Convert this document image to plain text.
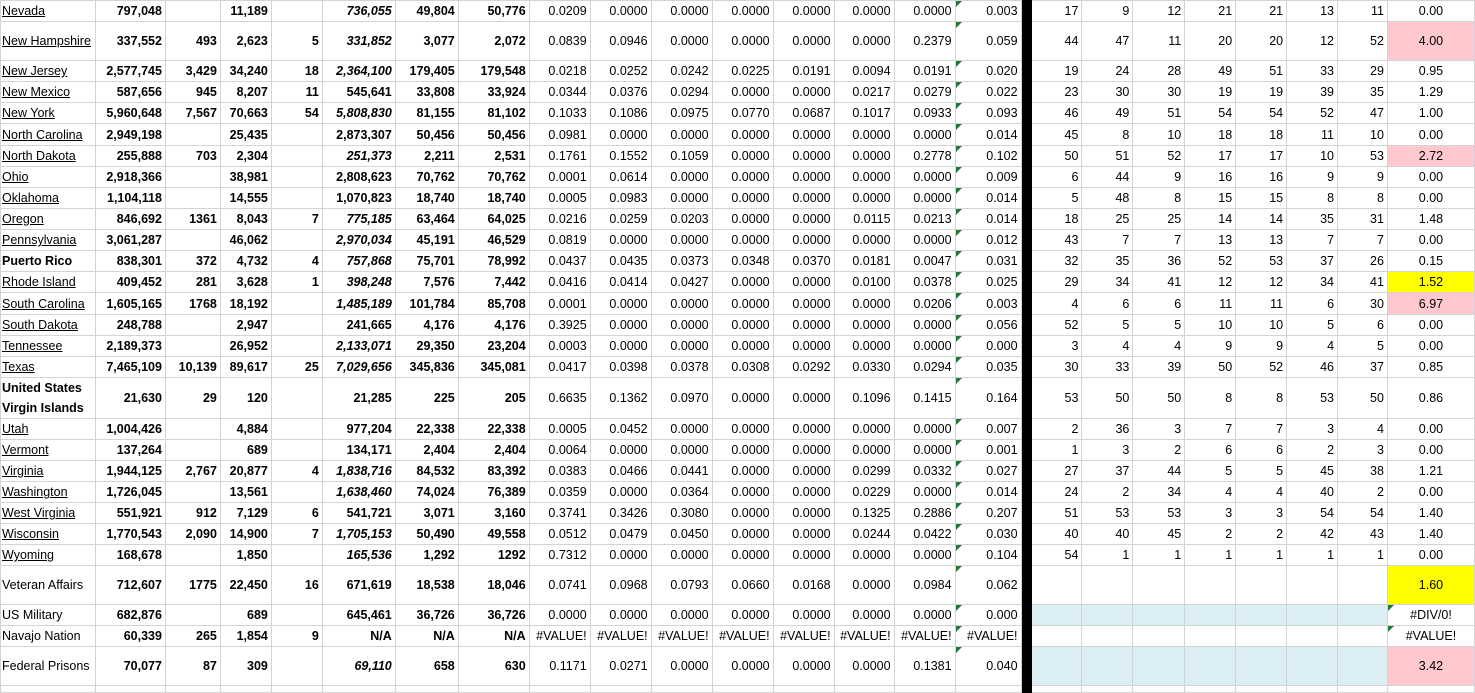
Nevada	797,048		11,189		736,055	49,804	50,776	0.0209	0.0000	0.0000	0.0000	0.0000	0.0000	0.0000	0.003		17	9	12	21	21	13	11	0.00
New Hampshire	337,552	493	2,623	5	331,852	3,077	2,072	0.0839	0.0946	0.0000	0.0000	0.0000	0.0000	0.2379	0.059		44	47	11	20	20	12	52	4.00
New Jersey	2,577,745	3,429	34,240	18	2,364,100	179,405	179,548	0.0218	0.0252	0.0242	0.0225	0.0191	0.0094	0.0191	0.020		19	24	28	49	51	33	29	0.95
New Mexico	587,656	945	8,207	11	545,641	33,808	33,924	0.0344	0.0376	0.0294	0.0000	0.0000	0.0217	0.0279	0.022		23	30	30	19	19	39	35	1.29
New York	5,960,648	7,567	70,663	54	5,808,830	81,155	81,102	0.1033	0.1086	0.0975	0.0770	0.0687	0.1017	0.0933	0.093		46	49	51	54	54	52	47	1.00
North Carolina	2,949,198		25,435		2,873,307	50,456	50,456	0.0981	0.0000	0.0000	0.0000	0.0000	0.0000	0.0000	0.014		45	8	10	18	18	11	10	0.00
North Dakota	255,888	703	2,304		251,373	2,211	2,531	0.1761	0.1552	0.1059	0.0000	0.0000	0.0000	0.2778	0.102		50	51	52	17	17	10	53	2.72
Ohio	2,918,366		38,981		2,808,623	70,762	70,762	0.0001	0.0614	0.0000	0.0000	0.0000	0.0000	0.0000	0.009		6	44	9	16	16	9	9	0.00
Oklahoma	1,104,118		14,555		1,070,823	18,740	18,740	0.0005	0.0983	0.0000	0.0000	0.0000	0.0000	0.0000	0.014		5	48	8	15	15	8	8	0.00
Oregon	846,692	1361	8,043	7	775,185	63,464	64,025	0.0216	0.0259	0.0203	0.0000	0.0000	0.0115	0.0213	0.014		18	25	25	14	14	35	31	1.48
Pennsylvania	3,061,287		46,062		2,970,034	45,191	46,529	0.0819	0.0000	0.0000	0.0000	0.0000	0.0000	0.0000	0.012		43	7	7	13	13	7	7	0.00
Puerto Rico	838,301	372	4,732	4	757,868	75,701	78,992	0.0437	0.0435	0.0373	0.0348	0.0370	0.0181	0.0047	0.031		32	35	36	52	53	37	26	0.15
Rhode Island	409,452	281	3,628	1	398,248	7,576	7,442	0.0416	0.0414	0.0427	0.0000	0.0000	0.0100	0.0378	0.025		29	34	41	12	12	34	41	1.52
South Carolina	1,605,165	1768	18,192		1,485,189	101,784	85,708	0.0001	0.0000	0.0000	0.0000	0.0000	0.0000	0.0206	0.003		4	6	6	11	11	6	30	6.97
South Dakota	248,788		2,947		241,665	4,176	4,176	0.3925	0.0000	0.0000	0.0000	0.0000	0.0000	0.0000	0.056		52	5	5	10	10	5	6	0.00
Tennessee	2,189,373		26,952		2,133,071	29,350	23,204	0.0003	0.0000	0.0000	0.0000	0.0000	0.0000	0.0000	0.000		3	4	4	9	9	4	5	0.00
Texas	7,465,109	10,139	89,617	25	7,029,656	345,836	345,081	0.0417	0.0398	0.0378	0.0308	0.0292	0.0330	0.0294	0.035		30	33	39	50	52	46	37	0.85
United States Virgin Islands	21,630	29	120		21,285	225	205	0.6635	0.1362	0.0970	0.0000	0.0000	0.1096	0.1415	0.164		53	50	50	8	8	53	50	0.86
Utah	1,004,426		4,884		977,204	22,338	22,338	0.0005	0.0452	0.0000	0.0000	0.0000	0.0000	0.0000	0.007		2	36	3	7	7	3	4	0.00
Vermont	137,264		689		134,171	2,404	2,404	0.0064	0.0000	0.0000	0.0000	0.0000	0.0000	0.0000	0.001		1	3	2	6	6	2	3	0.00
Virginia	1,944,125	2,767	20,877	4	1,838,716	84,532	83,392	0.0383	0.0466	0.0441	0.0000	0.0000	0.0299	0.0332	0.027		27	37	44	5	5	45	38	1.21
Washington	1,726,045		13,561		1,638,460	74,024	76,389	0.0359	0.0000	0.0364	0.0000	0.0000	0.0229	0.0000	0.014		24	2	34	4	4	40	2	0.00
West Virginia	551,921	912	7,129	6	541,721	3,071	3,160	0.3741	0.3426	0.3080	0.0000	0.0000	0.1325	0.2886	0.207		51	53	53	3	3	54	54	1.40
Wisconsin	1,770,543	2,090	14,900	7	1,705,153	50,490	49,558	0.0512	0.0479	0.0450	0.0000	0.0000	0.0244	0.0422	0.030		40	40	45	2	2	42	43	1.40
Wyoming	168,678		1,850		165,536	1,292	1292	0.7312	0.0000	0.0000	0.0000	0.0000	0.0000	0.0000	0.104		54	1	1	1	1	1	1	0.00
Veteran Affairs	712,607	1775	22,450	16	671,619	18,538	18,046	0.0741	0.0968	0.0793	0.0660	0.0168	0.0000	0.0984	0.062									1.60
US Military	682,876		689		645,461	36,726	36,726	0.0000	0.0000	0.0000	0.0000	0.0000	0.0000	0.0000	0.000									#DIV/0!
Navajo Nation	60,339	265	1,854	9	N/A	N/A	N/A	#VALUE!	#VALUE!	#VALUE!	#VALUE!	#VALUE!	#VALUE!	#VALUE!	#VALUE!									#VALUE!
Federal Prisons	70,077	87	309		69,110	658	630	0.1171	0.0271	0.0000	0.0000	0.0000	0.0000	0.1381	0.040									3.42
